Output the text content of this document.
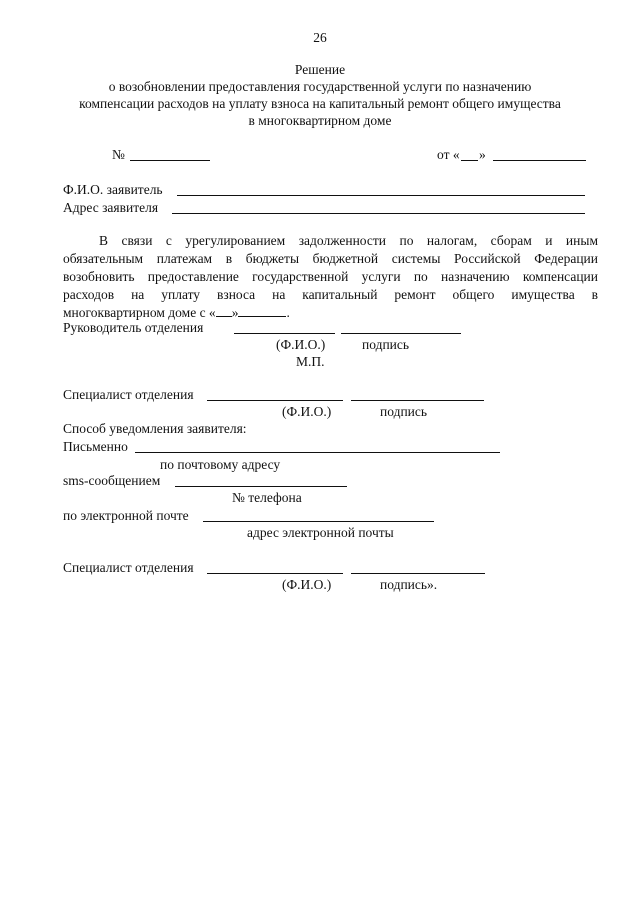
26
Решение
о возобновлении предоставления государственной услуги по назначению
компенсации расходов на уплату взноса на капитальный ремонт общего имущества
в многоквартирном доме
№	от « »
Ф.И.О. заявитель
Адрес заявителя
В связи с урегулированием задолженности по налогам, сборам и иным
обязательным платежам в бюджеты бюджетной системы Российской Федерации
возобновить предоставление государственной услуги по назначению компенсации
расходов на уплату взноса на капитальный ремонт общего имущества в
многоквартирном доме с « »	.
Руководитель отделения
(Ф.И.О.)	подпись
М.П.
Специалист отделения
(Ф.И.О.)	подпись
Способ уведомления заявителя:
Письменно
по почтовому адресу
sms-сообщением
№ телефона
по электронной почте
адрес электронной почты
Специалист отделения
(Ф.И.О.)	подпись».
